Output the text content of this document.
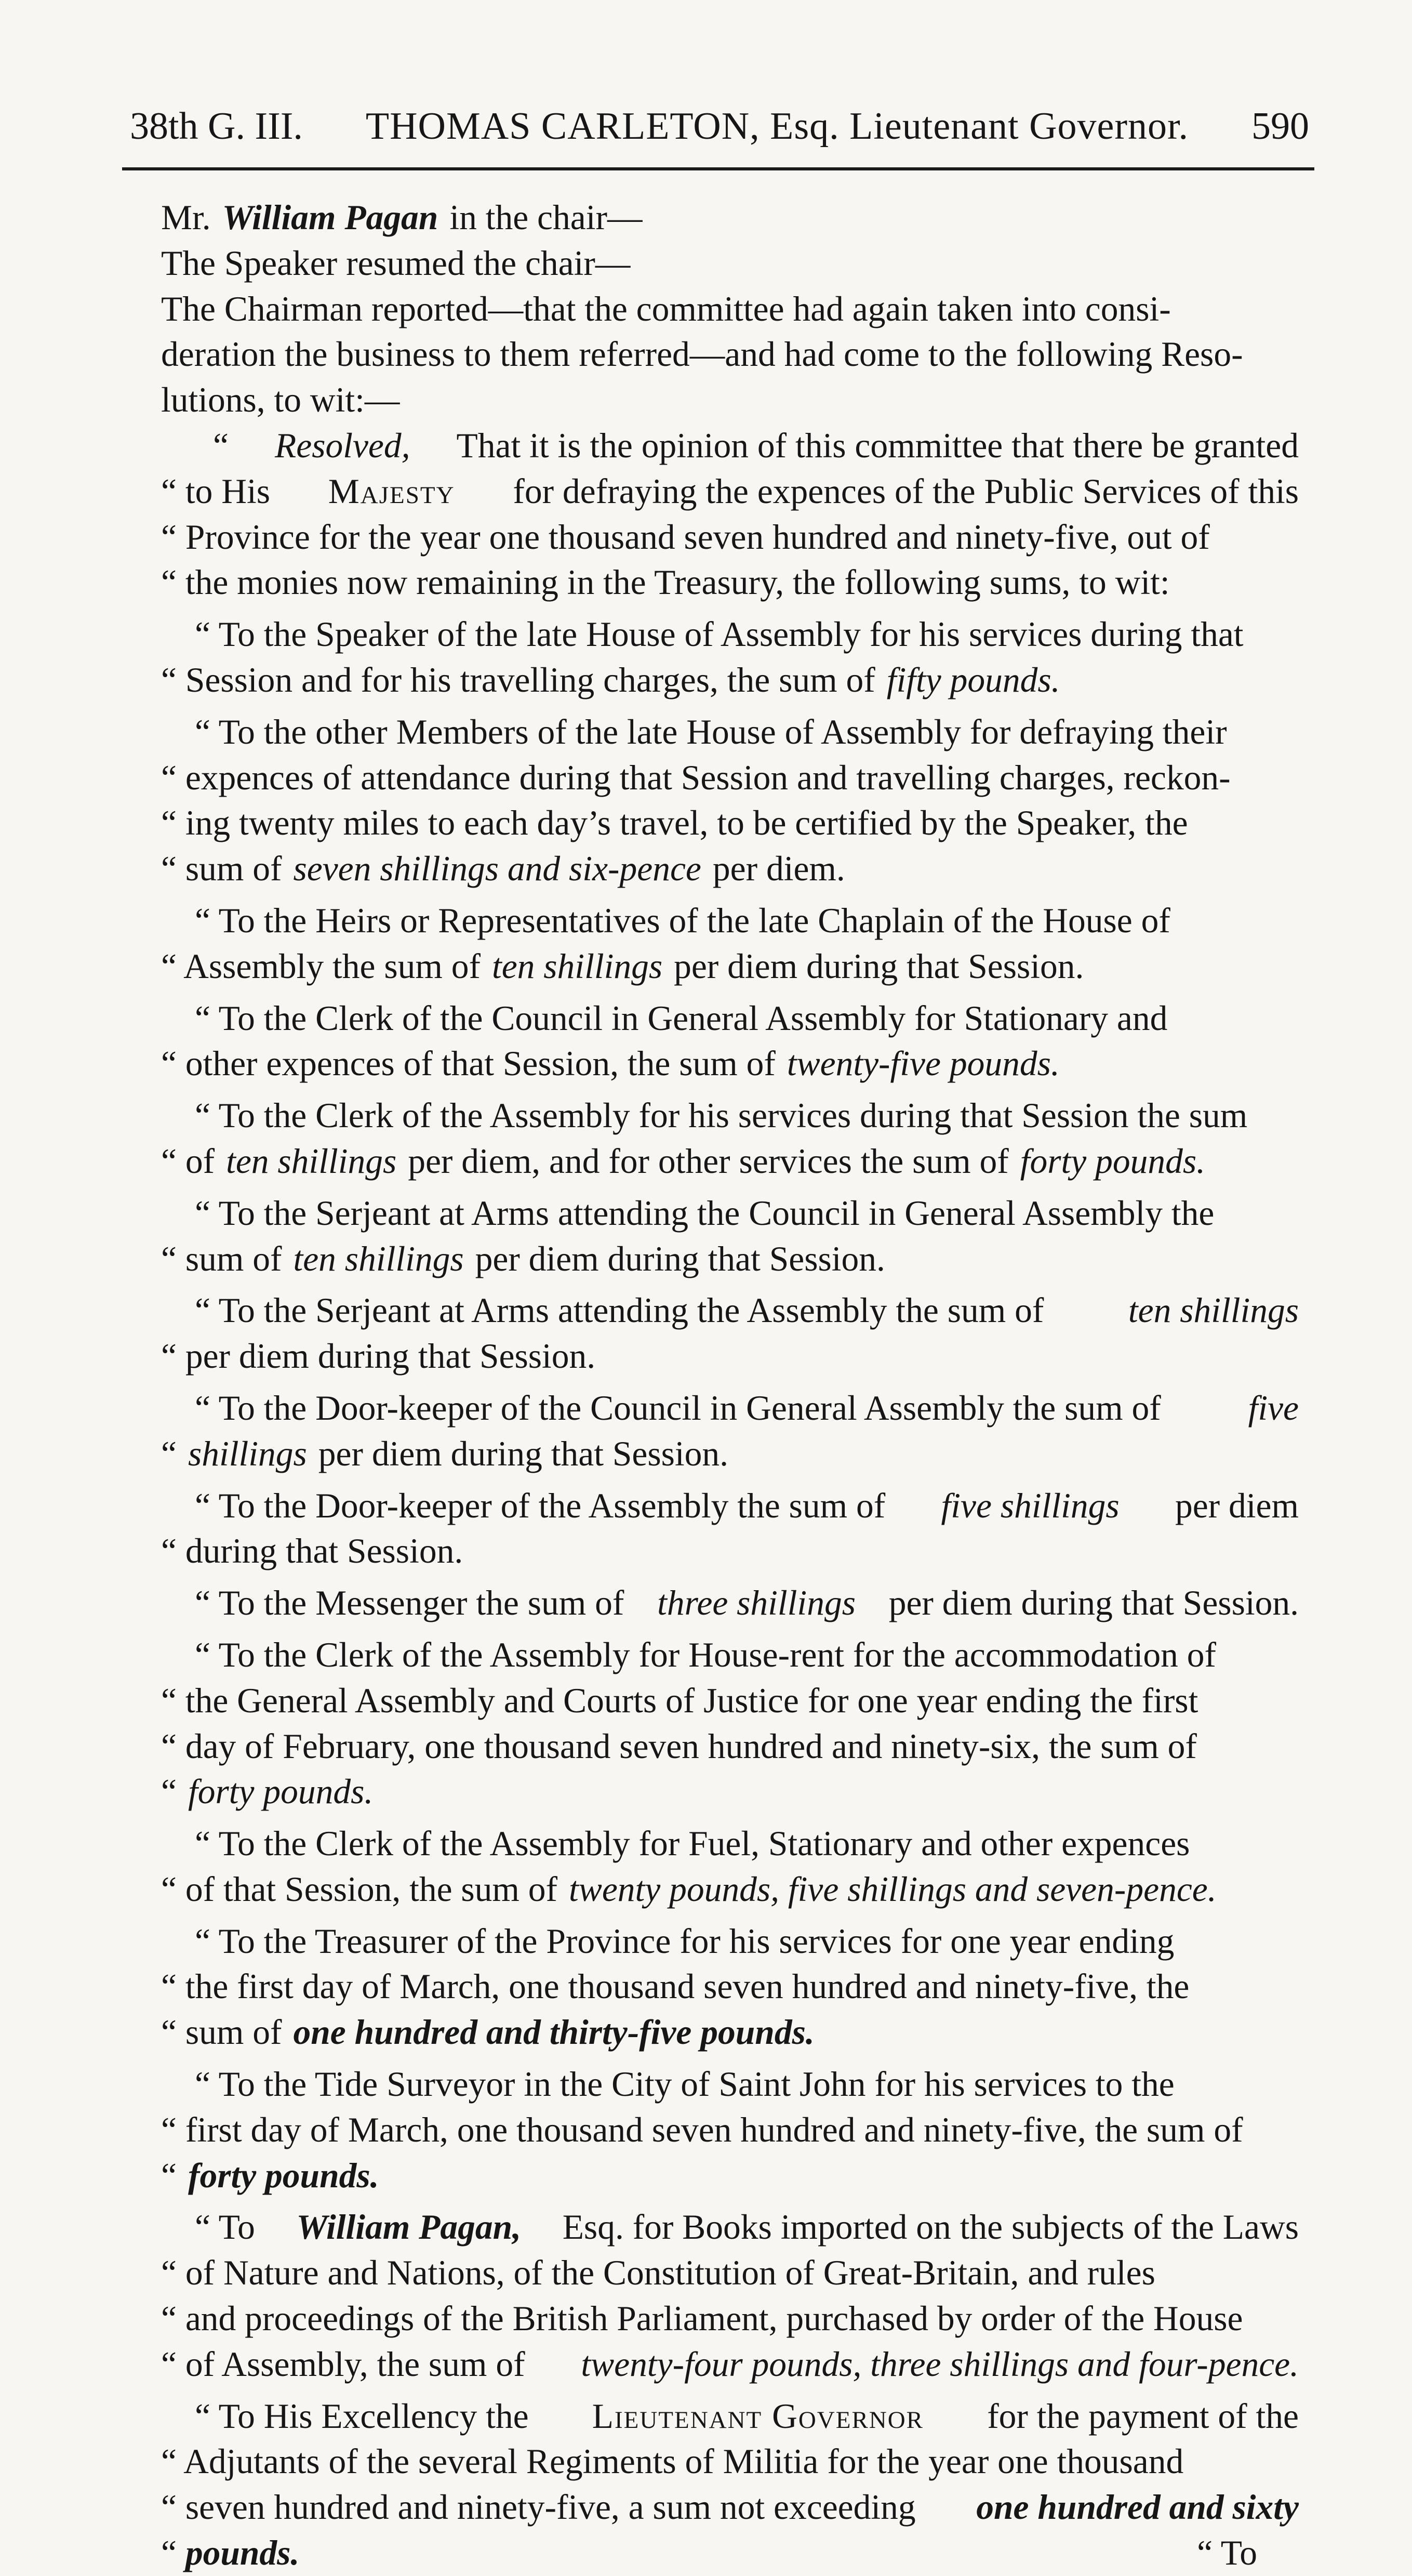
38th G. III. THOMAS CARLETON, Esq. Lieutenant Governor. 590
Mr. William Pagan in the chair—
The Speaker resumed the chair—
The Chairman reported—that the committee had again taken into consi-
deration the business to them referred—and had come to the following Reso-
lutions, to wit:—
“ Resolved, That it is the opinion of this committee that there be granted
“ to His Majesty for defraying the expences of the Public Services of this
“ Province for the year one thousand seven hundred and ninety-five, out of
“ the monies now remaining in the Treasury, the following sums, to wit:
“ To the Speaker of the late House of Assembly for his services during that
“ Session and for his travelling charges, the sum of fifty pounds.
“ To the other Members of the late House of Assembly for defraying their
“ expences of attendance during that Session and travelling charges, reckon-
“ ing twenty miles to each day’s travel, to be certified by the Speaker, the
“ sum of seven shillings and six-pence per diem.
“ To the Heirs or Representatives of the late Chaplain of the House of
“ Assembly the sum of ten shillings per diem during that Session.
“ To the Clerk of the Council in General Assembly for Stationary and
“ other expences of that Session, the sum of twenty-five pounds.
“ To the Clerk of the Assembly for his services during that Session the sum
“ of ten shillings per diem, and for other services the sum of forty pounds.
“ To the Serjeant at Arms attending the Council in General Assembly the
“ sum of ten shillings per diem during that Session.
“ To the Serjeant at Arms attending the Assembly the sum of ten shillings
“ per diem during that Session.
“ To the Door-keeper of the Council in General Assembly the sum of five
“ shillings per diem during that Session.
“ To the Door-keeper of the Assembly the sum of five shillings per diem
“ during that Session.
“ To the Messenger the sum of three shillings per diem during that Session.
“ To the Clerk of the Assembly for House-rent for the accommodation of
“ the General Assembly and Courts of Justice for one year ending the first
“ day of February, one thousand seven hundred and ninety-six, the sum of
“ forty pounds.
“ To the Clerk of the Assembly for Fuel, Stationary and other expences
“ of that Session, the sum of twenty pounds, five shillings and seven-pence.
“ To the Treasurer of the Province for his services for one year ending
“ the first day of March, one thousand seven hundred and ninety-five, the
“ sum of one hundred and thirty-five pounds.
“ To the Tide Surveyor in the City of Saint John for his services to the
“ first day of March, one thousand seven hundred and ninety-five, the sum of
“ forty pounds.
“ To William Pagan, Esq. for Books imported on the subjects of the Laws
“ of Nature and Nations, of the Constitution of Great-Britain, and rules
“ and proceedings of the British Parliament, purchased by order of the House
“ of Assembly, the sum of twenty-four pounds, three shillings and four-pence.
“ To His Excellency the Lieutenant Governor for the payment of the
“ Adjutants of the several Regiments of Militia for the year one thousand
“ seven hundred and ninety-five, a sum not exceeding one hundred and sixty
“ pounds.	“ To
